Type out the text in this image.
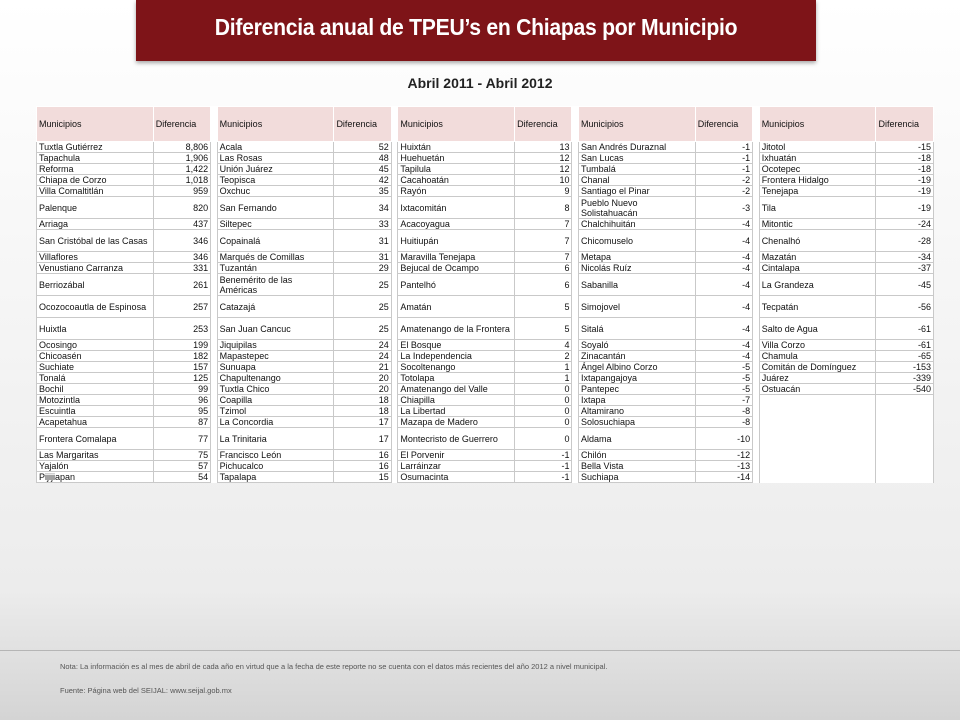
Diferencia anual de TPEU’s en Chiapas por Municipio
Abril 2011 - Abril 2012
Municipios	Diferencia		Municipios	Diferencia		Municipios	Diferencia		Municipios	Diferencia		Municipios	Diferencia
Tuxtla Gutiérrez	8,806		Acala	52		Huixtán	13		San Andrés Duraznal	-1		Jitotol	-15
Tapachula	1,906		Las Rosas	48		Huehuetán	12		San Lucas	-1		Ixhuatán	-18
Reforma	1,422		Unión Juárez	45		Tapilula	12		Tumbalá	-1		Ocotepec	-18
Chiapa de Corzo	1,018		Teopisca	42		Cacahoatán	10		Chanal	-2		Frontera Hidalgo	-19
Villa Comaltitlán	959		Oxchuc	35		Rayón	9		Santiago el Pinar	-2		Tenejapa	-19
Palenque	820		San Fernando	34		Ixtacomitán	8		Pueblo Nuevo Solistahuacán	-3		Tila	-19
Arriaga	437		Siltepec	33		Acacoyagua	7		Chalchihuitán	-4		Mitontic	-24
San Cristóbal de las Casas	346		Copainalá	31		Huitiupán	7		Chicomuselo	-4		Chenalhó	-28
Villaflores	346		Marqués de Comillas	31		Maravilla Tenejapa	7		Metapa	-4		Mazatán	-34
Venustiano Carranza	331		Tuzantán	29		Bejucal de Ocampo	6		Nicolás Ruíz	-4		Cintalapa	-37
Berriozábal	261		Benemérito de las Américas	25		Pantelhó	6		Sabanilla	-4		La Grandeza	-45
Ocozocoautla de Espinosa	257		Catazajá	25		Amatán	5		Simojovel	-4		Tecpatán	-56
Huixtla	253		San Juan Cancuc	25		Amatenango de la Frontera	5		Sitalá	-4		Salto de Agua	-61
Ocosingo	199		Jiquipilas	24		El Bosque	4		Soyaló	-4		Villa Corzo	-61
Chicoasén	182		Mapastepec	24		La Independencia	2		Zinacantán	-4		Chamula	-65
Suchiate	157		Sunuapa	21		Socoltenango	1		Ángel Albino Corzo	-5		Comitán de Domínguez	-153
Tonalá	125		Chapultenango	20		Totolapa	1		Ixtapangajoya	-5		Juárez	-339
Bochil	99		Tuxtla Chico	20		Amatenango del Valle	0		Pantepec	-5		Ostuacán	-540
Motozintla	96		Coapilla	18		Chiapilla	0		Ixtapa	-7			
Escuintla	95		Tzimol	18		La Libertad	0		Altamirano	-8			
Acapetahua	87		La Concordia	17		Mazapa de Madero	0		Solosuchiapa	-8			
Frontera Comalapa	77		La Trinitaria	17		Montecristo de Guerrero	0		Aldama	-10			
Las Margaritas	75		Francisco León	16		El Porvenir	-1		Chilón	-12			
Yajalón	57		Pichucalco	16		Larráinzar	-1		Bella Vista	-13			
Pijijiapan	54		Tapalapa	15		Osumacinta	-1		Suchiapa	-14			
Nota: La información es al mes de abril de cada año en virtud que a la fecha de este reporte no se cuenta con el datos más recientes del año 2012 a nivel municipal.
Fuente: Página web del SEIJAL: www.seijal.gob.mx
